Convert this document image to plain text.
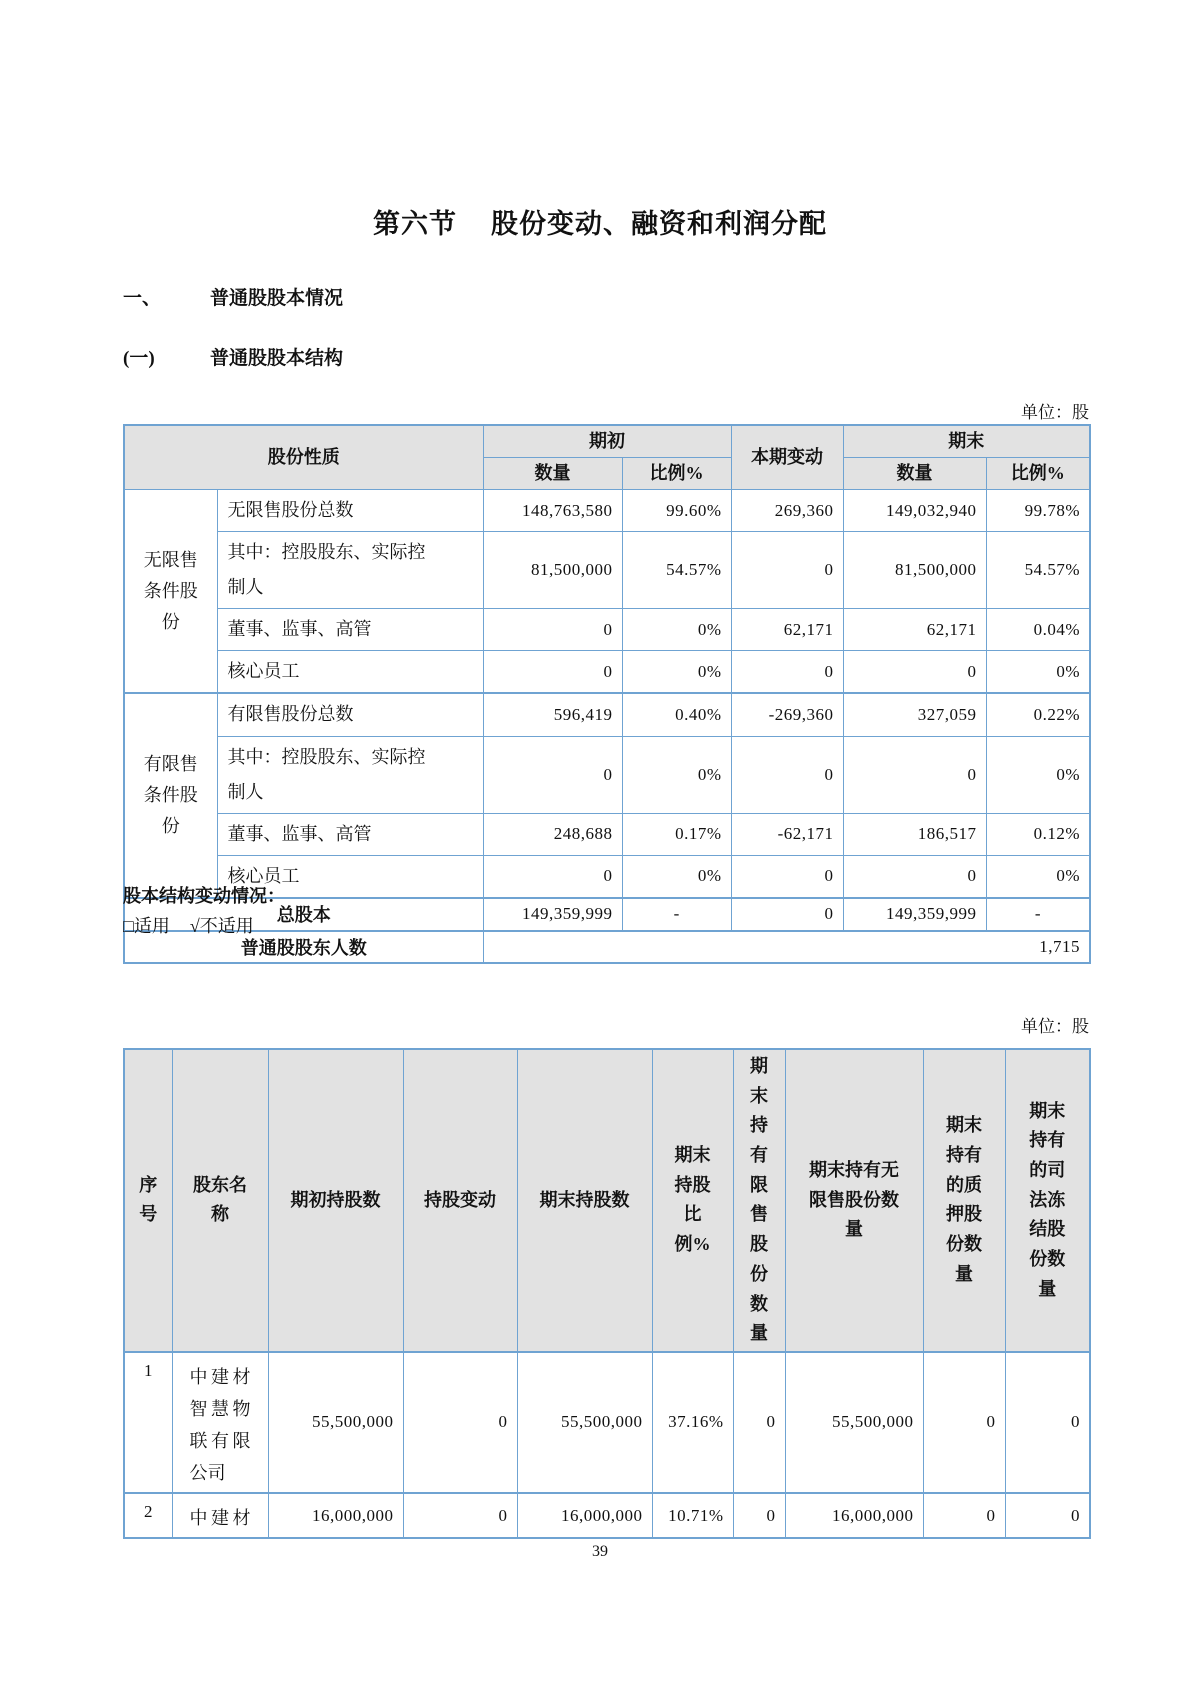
第六节 股份变动、融资和利润分配
一、	普通股股本情况
(一)	普通股股本结构
单位：股
股份性质		期初		本期变动	期末	
		数量	比例%		数量	比例%
无限售条件股份	无限售股份总数	148,763,580	99.60%	269,360	149,032,940	99.78%
	其中：控股股东、实际控制人	81,500,000	54.57%	0	81,500,000	54.57%
	董事、监事、高管	0	0%	62,171	62,171	0.04%
	核心员工	0	0%	0	0	0%
有限售条件股份	有限售股份总数	596,419	0.40%	-269,360	327,059	0.22%
	其中：控股股东、实际控制人	0	0%	0	0	0%
	董事、监事、高管	248,688	0.17%	-62,171	186,517	0.12%
	核心员工	0	0%	0	0	0%
总股本		149,359,999	-	0	149,359,999	-
普通股股东人数		1,715				
股本结构变动情况：
□适用 √不适用
单位：股
序号	股东名称	期初持股数	持股变动	期末持股数	期末持股比例%	期末持有限售股份数量	期末持有无限售股份数量	期末持有的质押股份数量	期末持有的司法冻结股份数量
1	中建材智慧物联有限公司	55,500,000	0	55,500,000	37.16%	0	55,500,000	0	0
2	中建材	16,000,000	0	16,000,000	10.71%	0	16,000,000	0	0
39
